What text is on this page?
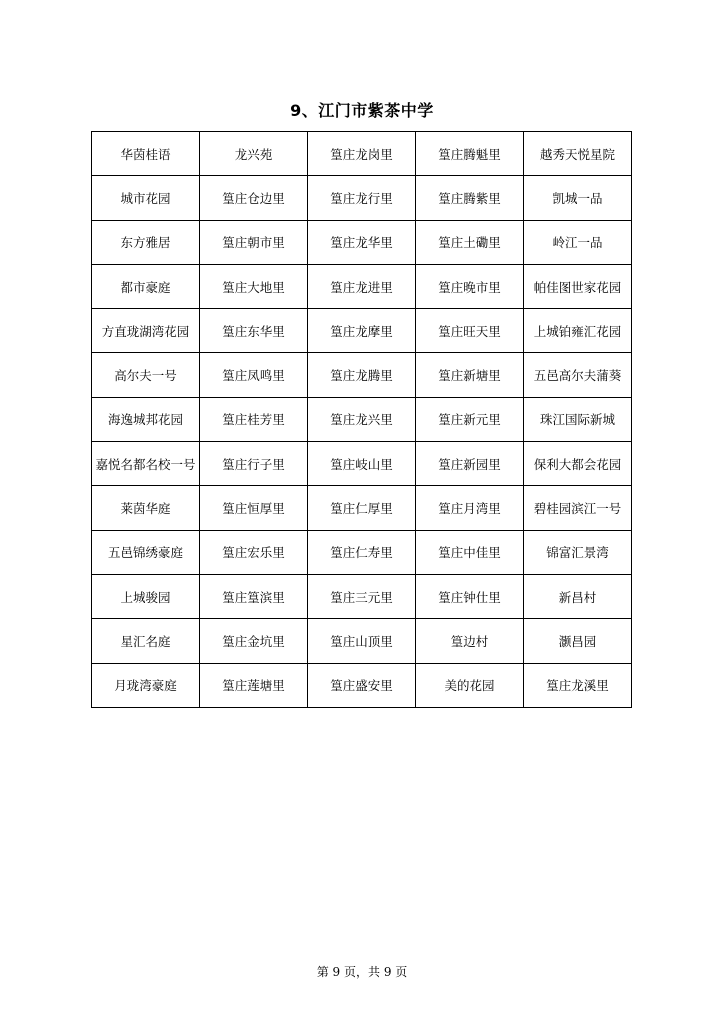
9、江门市紫茶中学
华茵桂语	龙兴苑	篁庄龙岗里	篁庄腾魁里	越秀天悦星院
城市花园	篁庄仓边里	篁庄龙行里	篁庄腾紫里	凯城一品
东方雅居	篁庄朝市里	篁庄龙华里	篁庄土磡里	岭江一品
都市豪庭	篁庄大地里	篁庄龙进里	篁庄晚市里	帕佳图世家花园
方直珑湖湾花园	篁庄东华里	篁庄龙摩里	篁庄旺天里	上城铂雍汇花园
高尔夫一号	篁庄凤鸣里	篁庄龙腾里	篁庄新塘里	五邑高尔夫蒲葵
海逸城邦花园	篁庄桂芳里	篁庄龙兴里	篁庄新元里	珠江国际新城
嘉悦名都名校一号	篁庄行子里	篁庄岐山里	篁庄新园里	保利大都会花园
莱茵华庭	篁庄恒厚里	篁庄仁厚里	篁庄月湾里	碧桂园滨江一号
五邑锦绣豪庭	篁庄宏乐里	篁庄仁寿里	篁庄中佳里	锦富汇景湾
上城骏园	篁庄篁滨里	篁庄三元里	篁庄钟仕里	新昌村
星汇名庭	篁庄金坑里	篁庄山顶里	篁边村	灏昌园
月珑湾豪庭	篁庄莲塘里	篁庄盛安里	美的花园	篁庄龙溪里
第 9 页，共 9 页
